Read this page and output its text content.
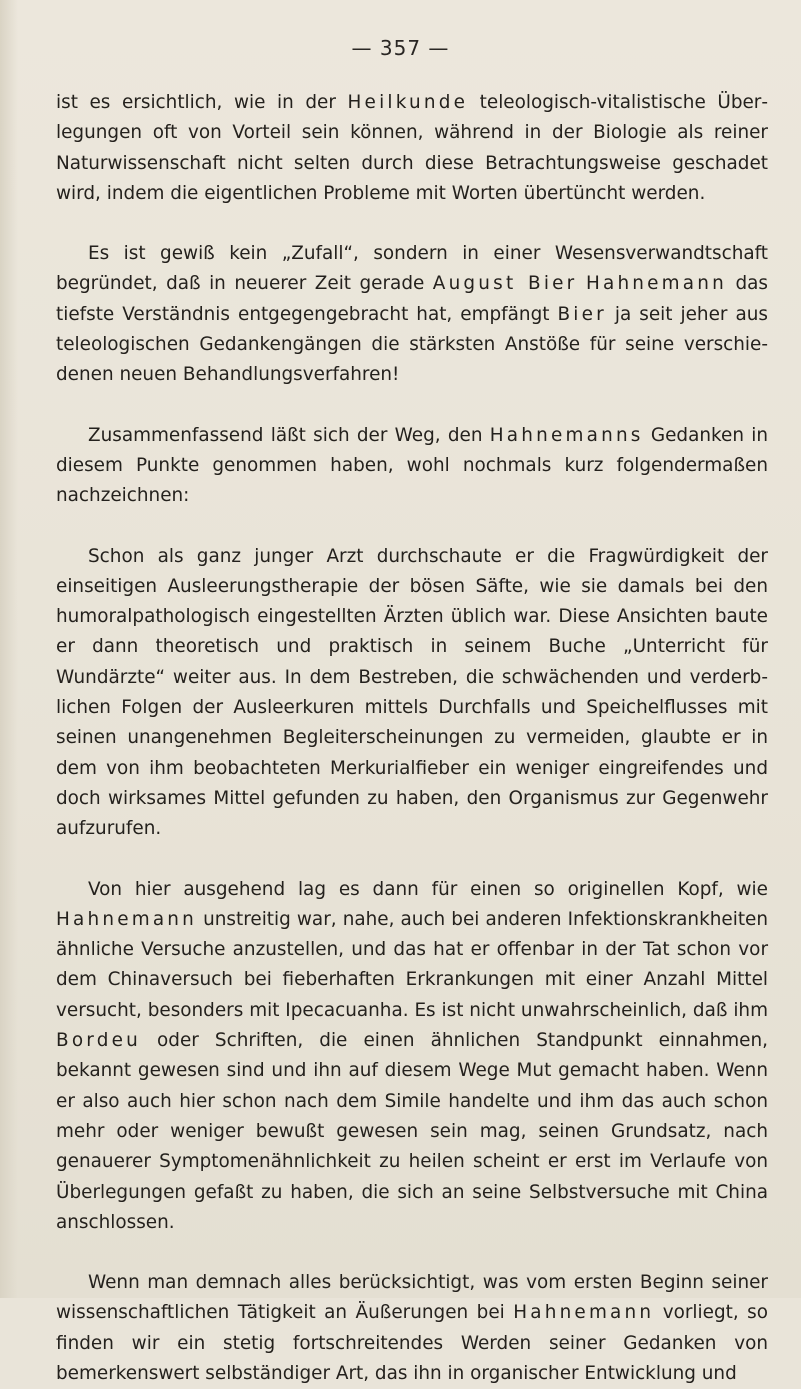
— 357 —

ist es ersichtlich, wie in der Heilkunde teleologisch-vitalistische Überlegungen oft von Vorteil sein können, während in der Biologie als reiner Naturwissenschaft nicht selten durch diese Betrachtungsweise geschadet wird, indem die eigentlichen Probleme mit Worten übertüncht werden.

Es ist gewiß kein „Zufall“, sondern in einer Wesensverwandtschaft begründet, daß in neuerer Zeit gerade August Bier Hahnemann das tiefste Verständnis entgegengebracht hat, empfängt Bier ja seit jeher aus teleologischen Gedankengängen die stärksten Anstöße für seine verschiedenen neuen Behandlungsverfahren!

Zusammenfassend läßt sich der Weg, den Hahnemanns Gedanken in diesem Punkte genommen haben, wohl nochmals kurz folgendermaßen nachzeichnen:

Schon als ganz junger Arzt durchschaute er die Fragwürdigkeit der einseitigen Ausleerungstherapie der bösen Säfte, wie sie damals bei den humoralpathologisch eingestellten Ärzten üblich war. Diese Ansichten baute er dann theoretisch und praktisch in seinem Buche „Unterricht für Wundärzte“ weiter aus. In dem Bestreben, die schwächenden und verderblichen Folgen der Ausleerkuren mittels Durchfalls und Speichelflusses mit seinen unangenehmen Begleiterscheinungen zu vermeiden, glaubte er in dem von ihm beobachteten Merkurialfieber ein weniger eingreifendes und doch wirksames Mittel gefunden zu haben, den Organismus zur Gegenwehr aufzurufen.

Von hier ausgehend lag es dann für einen so originellen Kopf, wie Hahnemann unstreitig war, nahe, auch bei anderen Infektionskrankheiten ähnliche Versuche anzustellen, und das hat er offenbar in der Tat schon vor dem Chinaversuch bei fieberhaften Erkrankungen mit einer Anzahl Mittel versucht, besonders mit Ipecacuanha. Es ist nicht unwahrscheinlich, daß ihm Bordeu oder Schriften, die einen ähnlichen Standpunkt einnahmen, bekannt gewesen sind und ihn auf diesem Wege Mut gemacht haben. Wenn er also auch hier schon nach dem Simile handelte und ihm das auch schon mehr oder weniger bewußt gewesen sein mag, seinen Grundsatz, nach genauerer Symptomenähnlichkeit zu heilen scheint er erst im Verlaufe von Überlegungen gefaßt zu haben, die sich an seine Selbstversuche mit China anschlossen.

Wenn man demnach alles berücksichtigt, was vom ersten Beginn seiner wissenschaftlichen Tätigkeit an Äußerungen bei Hahnemann vorliegt, so finden wir ein stetig fortschreitendes Werden seiner Gedanken von bemerkenswert selbständiger Art, das ihn in organischer Entwicklung und
